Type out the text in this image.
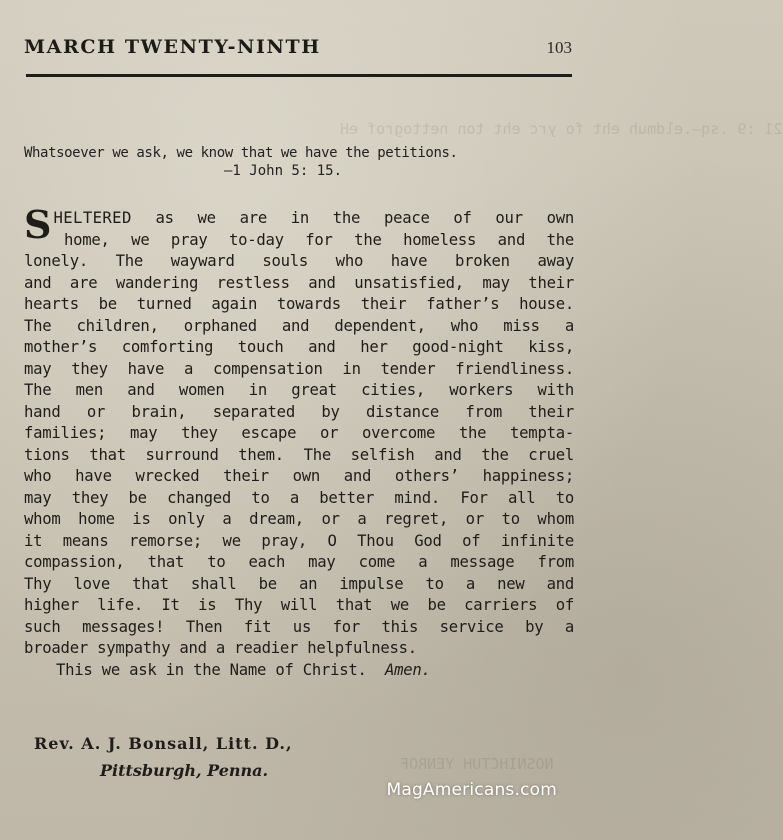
21 :9 .sq—.eldmuh eht fo yrc eht ton nettogrof eH
NOSNIHCTUH YENROF
MARCH TWENTY-NINTH	103
Whatsoever we ask, we know that we have the petitions.
—1 John 5: 15.
S HELTERED as we are in the peace of our own
home, we pray to-day for the homeless and the
lonely. The wayward souls who have broken away
and are wandering restless and unsatisfied, may their
hearts be turned again towards their father’s house.
The children, orphaned and dependent, who miss a
mother’s comforting touch and her good-night kiss,
may they have a compensation in tender friendliness.
The men and women in great cities, workers with
hand or brain, separated by distance from their
families; may they escape or overcome the tempta-
tions that surround them. The selfish and the cruel
who have wrecked their own and others’ happiness;
may they be changed to a better mind. For all to
whom home is only a dream, or a regret, or to whom
it means remorse; we pray, O Thou God of infinite
compassion, that to each may come a message from
Thy love that shall be an impulse to a new and
higher life. It is Thy will that we be carriers of
such messages! Then fit us for this service by a
broader sympathy and a readier helpfulness.
This we ask in the Name of Christ. Amen.
Rev. A. J. Bonsall, Litt. D.,
Pittsburgh, Penna.
MagAmericans.com
